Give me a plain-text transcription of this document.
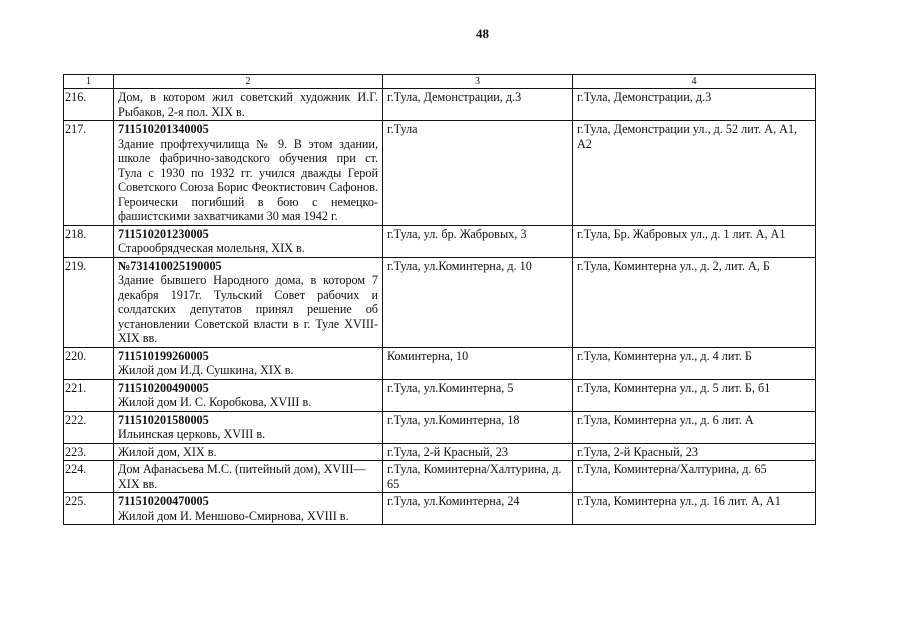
48
1	2	3	4
216.	Дом, в котором жил советский художник И.Г. Рыбаков, 2-я пол. XIX в.	г.Тула, Демонстрации, д.3	г.Тула, Демонстрации, д.3
217.	711510201340005
Здание профтехучилища № 9. В этом здании, школе фабрично-заводского обучения при ст. Тула с 1930 по 1932 гг. учился дважды Герой Советского Союза Борис Феоктистович Сафонов. Героически погибший в бою с немецко-фашистскими захватчиками 30 мая 1942 г.	г.Тула	г.Тула, Демонстрации ул., д. 52 лит. А, А1, А2
218.	711510201230005
Старообрядческая молельня, XIX в.	г.Тула, ул. бр. Жабровых, 3	г.Тула, Бр. Жабровых ул., д. 1 лит. А, А1
219.	№731410025190005
Здание бывшего Народного дома, в котором 7 декабря 1917г. Тульский Совет рабочих и солдатских депутатов принял решение об установлении Советской власти в г. Туле XVIII-XIX вв.	г.Тула, ул.Коминтерна, д. 10	г.Тула, Коминтерна ул., д. 2, лит. А, Б
220.	711510199260005
Жилой дом И.Д. Сушкина, XIX в.	Коминтерна, 10	г.Тула, Коминтерна ул., д. 4 лит. Б
221.	711510200490005
Жилой дом И. С. Коробкова, XVIII в.	г.Тула, ул.Коминтерна, 5	г.Тула, Коминтерна ул., д. 5 лит. Б, б1
222.	711510201580005
Ильинская церковь, XVIII в.	г.Тула, ул.Коминтерна, 18	г.Тула, Коминтерна ул., д. 6 лит. А
223.	Жилой дом, XIX в.	г.Тула, 2-й Красный, 23	г.Тула, 2-й Красный, 23
224.	Дом Афанасьева М.С. (питейный дом), XVIII—XIX вв.	г.Тула, Коминтерна/Халтурина, д. 65	г.Тула, Коминтерна/Халтурина, д. 65
225.	711510200470005
Жилой дом И. Меншово-Смирнова, XVIII в.	г.Тула, ул.Коминтерна, 24	г.Тула, Коминтерна ул., д. 16 лит. А, А1
